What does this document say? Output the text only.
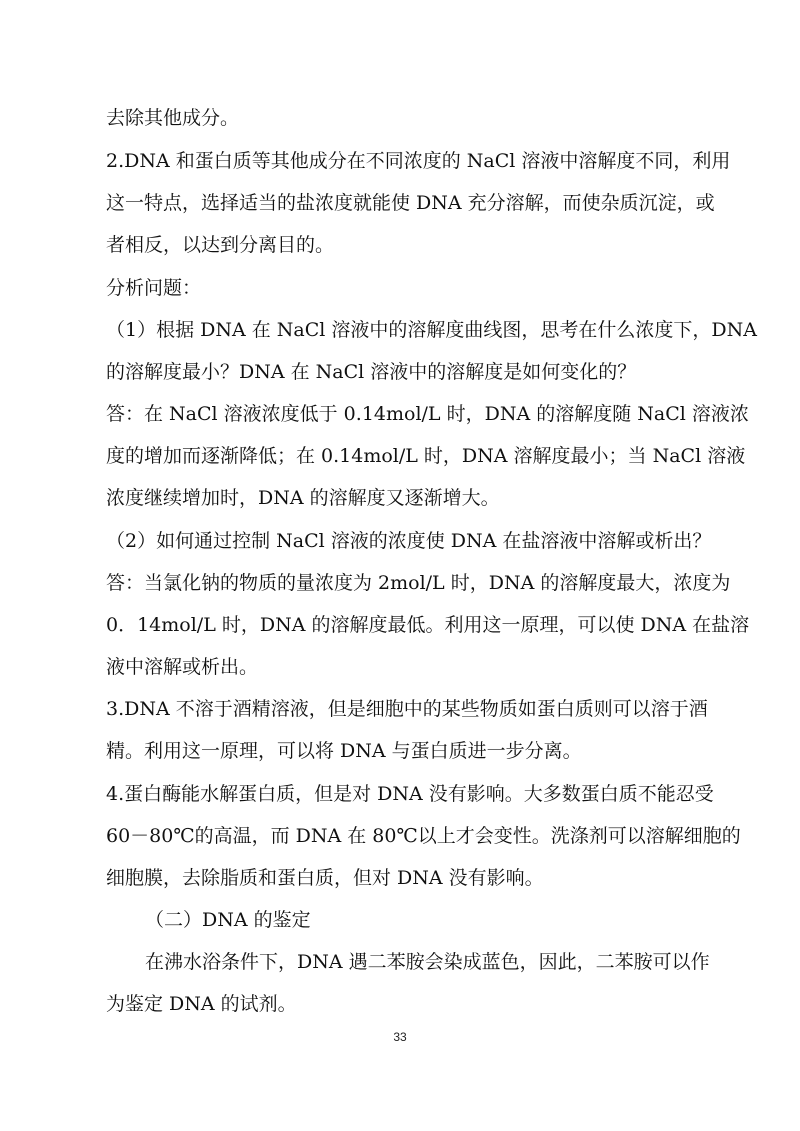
去除其他成分。

2.DNA 和蛋白质等其他成分在不同浓度的 NaCl 溶液中溶解度不同，利用

这一特点，选择适当的盐浓度就能使 DNA 充分溶解，而使杂质沉淀，或

者相反，以达到分离目的。

分析问题：

（1）根据 DNA 在 NaCl 溶液中的溶解度曲线图，思考在什么浓度下，DNA

的溶解度最小？DNA 在 NaCl 溶液中的溶解度是如何变化的？

答：在 NaCl 溶液浓度低于 0.14mol/L 时，DNA 的溶解度随 NaCl 溶液浓

度的增加而逐渐降低；在 0.14mol/L 时，DNA 溶解度最小；当 NaCl 溶液

浓度继续增加时，DNA 的溶解度又逐渐增大。

（2）如何通过控制 NaCl 溶液的浓度使 DNA 在盐溶液中溶解或析出？

答：当氯化钠的物质的量浓度为 2mol/L 时，DNA 的溶解度最大，浓度为

0．14mol/L 时，DNA 的溶解度最低。利用这一原理，可以使 DNA 在盐溶

液中溶解或析出。

3.DNA 不溶于酒精溶液，但是细胞中的某些物质如蛋白质则可以溶于酒

精。利用这一原理，可以将 DNA 与蛋白质进一步分离。

4.蛋白酶能水解蛋白质，但是对 DNA 没有影响。大多数蛋白质不能忍受

60－80℃的高温，而 DNA 在 80℃以上才会变性。洗涤剂可以溶解细胞的

细胞膜，去除脂质和蛋白质，但对 DNA 没有影响。

（二）DNA 的鉴定

在沸水浴条件下，DNA 遇二苯胺会染成蓝色，因此，二苯胺可以作

为鉴定 DNA 的试剂。

33
